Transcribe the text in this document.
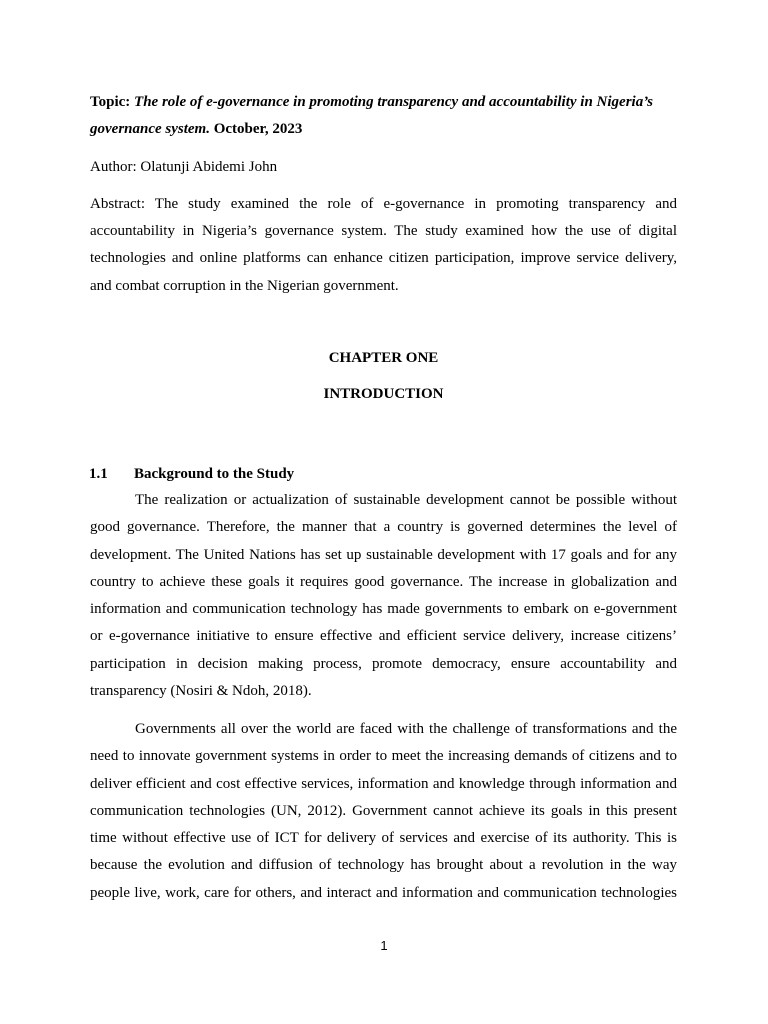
Topic: The role of e-governance in promoting transparency and accountability in Nigeria’s
governance system. October, 2023
Author: Olatunji Abidemi John
Abstract: The study examined the role of e-governance in promoting transparency and
accountability in Nigeria’s governance system. The study examined how the use of digital
technologies and online platforms can enhance citizen participation, improve service delivery,
and combat corruption in the Nigerian government.
CHAPTER ONE
INTRODUCTION
1.1 Background to the Study
The realization or actualization of sustainable development cannot be possible without
good governance. Therefore, the manner that a country is governed determines the level of
development. The United Nations has set up sustainable development with 17 goals and for any
country to achieve these goals it requires good governance. The increase in globalization and
information and communication technology has made governments to embark on e-government
or e-governance initiative to ensure effective and efficient service delivery, increase citizens’
participation in decision making process, promote democracy, ensure accountability and
transparency (Nosiri & Ndoh, 2018).
Governments all over the world are faced with the challenge of transformations and the
need to innovate government systems in order to meet the increasing demands of citizens and to
deliver efficient and cost effective services, information and knowledge through information and
communication technologies (UN, 2012). Government cannot achieve its goals in this present
time without effective use of ICT for delivery of services and exercise of its authority. This is
because the evolution and diffusion of technology has brought about a revolution in the way
people live, work, care for others, and interact and information and communication technologies
1
